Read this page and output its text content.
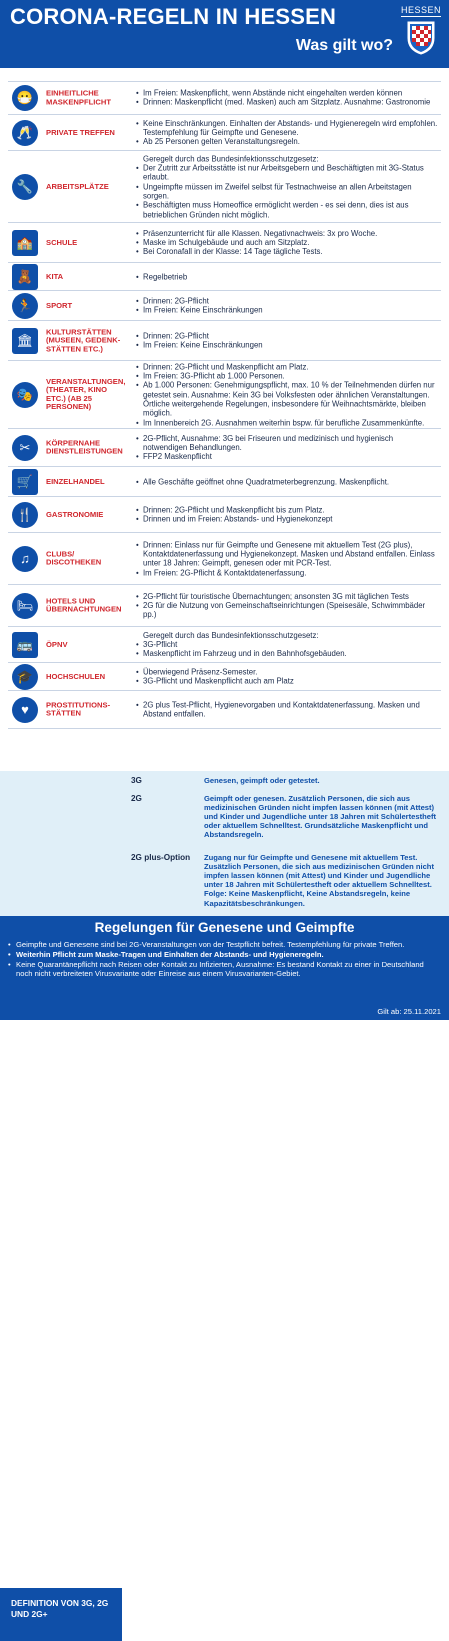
CORONA-REGELN IN HESSEN
Was gilt wo?
HESSEN
😷	EINHEITLICHE MASKENPFLICHT
• Im Freien: Maskenpflicht, wenn Abstände nicht eingehalten werden können
• Drinnen: Maskenpflicht (med. Masken) auch am Sitzplatz. Ausnahme: Gastronomie
🥂	PRIVATE TREFFEN
• Keine Einschränkungen. Einhalten der Abstands- und Hygieneregeln wird empfohlen. Testempfehlung für Geimpfte und Genesene.
• Ab 25 Personen gelten Veranstaltungsregeln.
🔧	ARBEITSPLÄTZE
Geregelt durch das Bundesinfektionsschutzgesetz:
• Der Zutritt zur Arbeitsstätte ist nur Arbeitsgebern und Beschäftigten mit 3G-Status erlaubt.
• Ungeimpfte müssen im Zweifel selbst für Testnachweise an allen Arbeitstagen sorgen.
• Beschäftigten muss Homeoffice ermöglicht werden - es sei denn, dies ist aus betrieblichen Gründen nicht möglich.
🏫	SCHULE
• Präsenzunterricht für alle Klassen. Negativnachweis: 3x pro Woche.
• Maske im Schulgebäude und auch am Sitzplatz.
• Bei Coronafall in der Klasse: 14 Tage tägliche Tests.
🧸	KITA	• Regelbetrieb
🏃	SPORT	• Drinnen: 2G-Pflicht
• Im Freien: Keine Einschränkungen
🏛
KULTURSTÄTTEN (MUSEEN, GEDENK-STÄTTEN ETC.)
• Drinnen: 2G-Pflicht
• Im Freien: Keine Einschränkungen
🎭
VERANSTALTUNGEN, (THEATER, KINO ETC.) (AB 25 PERSONEN)
• Drinnen: 2G-Pflicht und Maskenpflicht am Platz.
• Im Freien: 3G-Pflicht ab 1.000 Personen.
• Ab 1.000 Personen: Genehmigungspflicht, max. 10 % der Teilnehmenden dürfen nur getestet sein. Ausnahme: Kein 3G bei Volksfesten oder ähnlichen Veranstaltungen. Örtliche weitergehende Regelungen, insbesondere für Weihnachtsmärkte, bleiben möglich.
• Im Innenbereich 2G. Ausnahmen weiterhin bspw. für berufliche Zusammenkünfte.
✂	KÖRPERNAHE DIENSTLEISTUNGEN
• 2G-Pflicht, Ausnahme: 3G bei Friseuren und medizinisch und hygienisch notwendigen Behandlungen.
• FFP2 Maskenpflicht
🛒	EINZELHANDEL	• Alle Geschäfte geöffnet ohne Quadratmeterbegrenzung. Maskenpflicht.
🍴	GASTRONOMIE	• Drinnen: 2G-Pflicht und Maskenpflicht bis zum Platz.
• Drinnen und im Freien: Abstands- und Hygienekonzept
♫	CLUBS/ DISCOTHEKEN
• Drinnen: Einlass nur für Geimpfte und Genesene mit aktuellem Test (2G plus), Kontaktdatenerfassung und Hygienekonzept. Masken und Abstand entfallen. Einlass unter 18 Jahren: Geimpft, genesen oder mit PCR-Test.
• Im Freien: 2G-Pflicht & Kontaktdatenerfassung.
🛏	HOTELS UND ÜBERNACHTUNGEN
• 2G-Pflicht für touristische Übernachtungen; ansonsten 3G mit täglichen Tests
• 2G für die Nutzung von Gemeinschaftseinrichtungen (Speisesäle, Schwimmbäder pp.)
🚌	ÖPNV
Geregelt durch das Bundesinfektionsschutzgesetz:
• 3G-Pflicht
• Maskenpflicht im Fahrzeug und in den Bahnhofsgebäuden.
🎓	HOCHSCHULEN	• Überwiegend Präsenz-Semester.
• 3G-Pflicht und Maskenpflicht auch am Platz
♥	PROSTITUTIONS-STÄTTEN
• 2G plus Test-Pflicht, Hygienevorgaben und Kontaktdatenerfassung. Masken und Abstand entfallen.
DEFINITION VON 3G, 2G UND 2G+
3G	Genesen, geimpft oder getestet.
2G	Geimpft oder genesen. Zusätzlich Personen, die sich aus medizinischen Gründen nicht impfen lassen können (mit Attest) und Kinder und Jugendliche unter 18 Jahren mit Schülertestheft oder aktuellem Schnelltest. Grundsätzliche Maskenpflicht und Abstandsregeln.
2G plus-Option Zugang nur für Geimpfte und Genesene mit aktuellem Test. Zusätzlich Personen, die sich aus medizinischen Gründen nicht impfen lassen können (mit Attest) und Kinder und Jugendliche unter 18 Jahren mit Schülertestheft oder aktuellem Schnelltest. Folge: Keine Maskenpflicht, Keine Abstandsregeln, keine Kapazitätsbeschränkungen.
Regelungen für Genesene und Geimpfte
• Geimpfte und Genesene sind bei 2G-Veranstaltungen von der Testpflicht befreit. Testempfehlung für private Treffen.
• Weiterhin Pflicht zum Maske-Tragen und Einhalten der Abstands- und Hygieneregeln.
• Keine Quarantänepflicht nach Reisen oder Kontakt zu Infizierten, Ausnahme: Es bestand Kontakt zu einer in Deutschland noch nicht verbreiteten Virusvariante oder Einreise aus einem Virusvarianten-Gebiet.
Gilt ab: 25.11.2021
